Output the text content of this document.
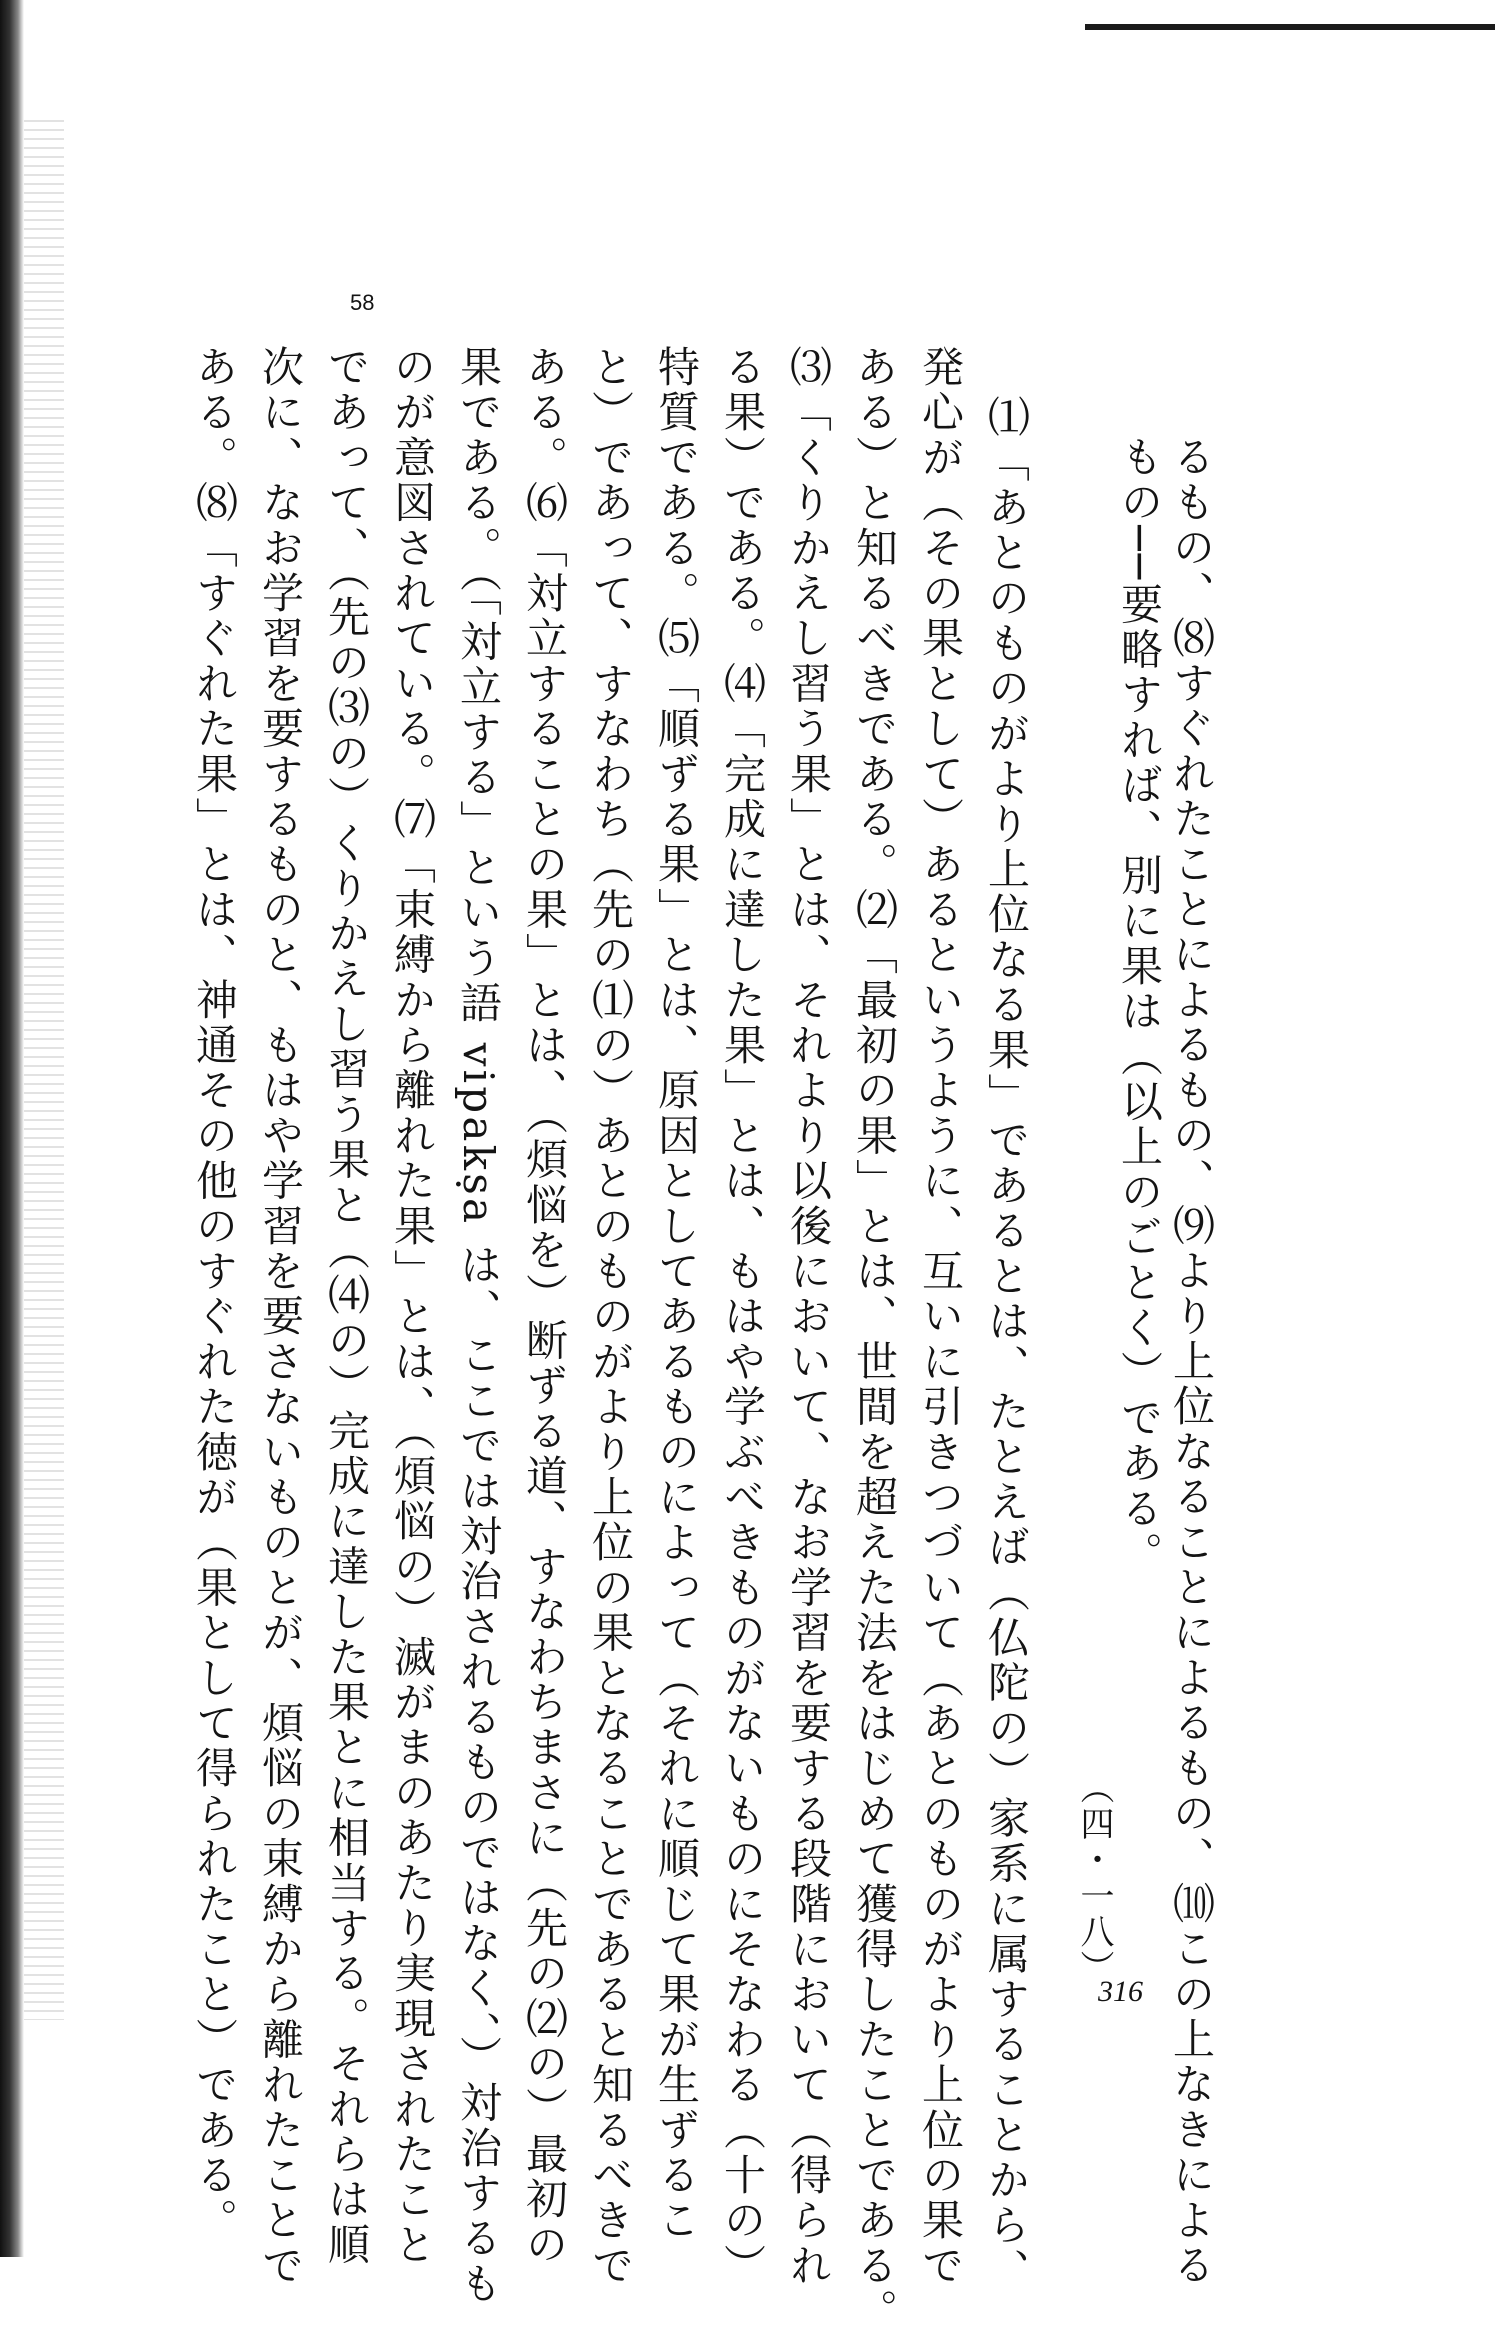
るもの、⑻すぐれたことによるもの、⑼より上位なることによるもの、⑽この上なきによる
もの──要略すれば、別に果は（以上のごとく）である。
（四・一八）
316
⑴「あとのものがより上位なる果」であるとは、たとえば（仏陀の）家系に属することから、
発心が（その果として）あるというように、互いに引きつづいて（あとのものがより上位の果で
ある）と知るべきである。⑵「最初の果」とは、世間を超えた法をはじめて獲得したことである。
⑶「くりかえし習う果」とは、それより以後において、なお学習を要する段階において（得られ
る果）である。⑷「完成に達した果」とは、もはや学ぶべきものがないものにそなわる（十の）
特質である。⑸「順ずる果」とは、原因としてあるものによって（それに順じて果が生ずるこ
と）であって、すなわち（先の⑴の）あとのものがより上位の果となることであると知るべきで
ある。⑹「対立することの果」とは、（煩悩を）断ずる道、すなわちまさに（先の⑵の）最初の
果である。（「対立する」という語 vipakṣa は、ここでは対治されるものではなく、）対治するも
のが意図されている。⑺「束縛から離れた果」とは、（煩悩の）滅がまのあたり実現されたこと
であって、（先の⑶の）くりかえし習う果と（⑷の）完成に達した果とに相当する。それらは順
次に、なお学習を要するものと、もはや学習を要さないものとが、煩悩の束縛から離れたことで
ある。⑻「すぐれた果」とは、神通その他のすぐれた徳が（果として得られたこと）である。
58
